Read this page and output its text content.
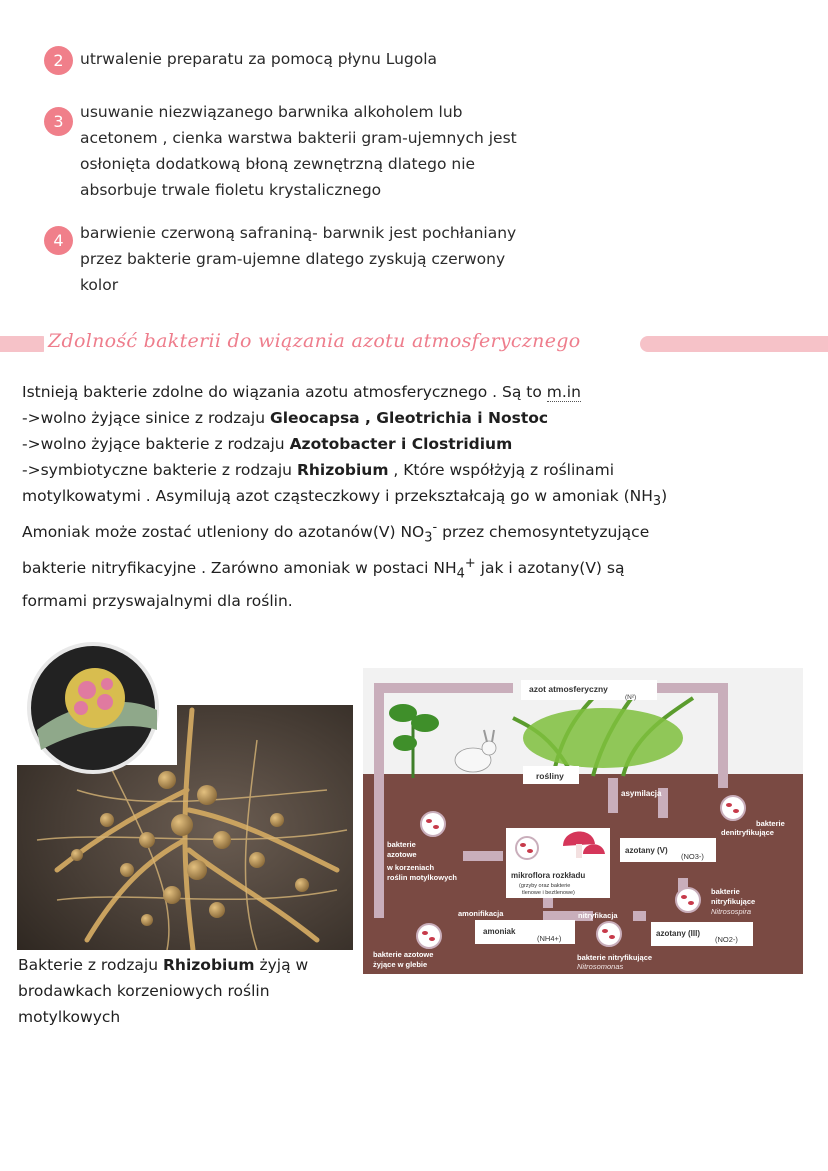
2	utrwalenie preparatu za pomocą płynu Lugola

3	usuwanie niezwiązanego barwnika alkoholem lub

acetonem , cienka warstwa bakterii gram-ujemnych jest

osłonięta dodatkową błoną zewnętrzną dlatego nie

absorbuje trwale fioletu krystalicznego

4	barwienie czerwoną safraniną- barwnik jest pochłaniany

przez bakterie gram-ujemne dlatego zyskują czerwony

kolor

Zdolność bakterii do wiązania azotu atmosferycznego

Istnieją bakterie zdolne do wiązania azotu atmosferycznego . Są to m.in

->wolno żyjące sinice z rodzaju Gleocapsa , Gleotrichia i Nostoc

->wolno żyjące bakterie z rodzaju Azotobacter i Clostridium

->symbiotyczne bakterie z rodzaju Rhizobium , Które współżyją z roślinami

motylkowatymi . Asymilują azot cząsteczkowy i przekształcają go w amoniak $(NH_3)$

Amoniak może zostać utleniony do azotanów(V) $NO_3^-$ przez chemosyntetyzujące

bakterie nitryfikacyjne . Zarówno amoniak w postaci $NH_4^+$ jak i azotany(V) są

formami przyswajalnymi dla roślin.

Bakterie z rodzaju Rhizobium żyją w

brodawkach korzeniowych roślin

motylkowych

azot atmosferyczny
(N²)
rośliny
asymilacja
bakterie
denitryfikujące
bakterie
azotowe
w korzeniach
roślin motylkowych	mikroflora rozkładu
(grzyby oraz bakterie
tlenowe i beztlenowe)
azotany (V)
(NO3-)
bakterie
nitryfikujące
Nitrosospira
amonifikacja	nitryfikacja
amoniak
(NH4+)
azotany (III)
(NO2-)
bakterie azotowe
żyjące w glebie
bakterie nitryfikujące
Nitrosomonas
